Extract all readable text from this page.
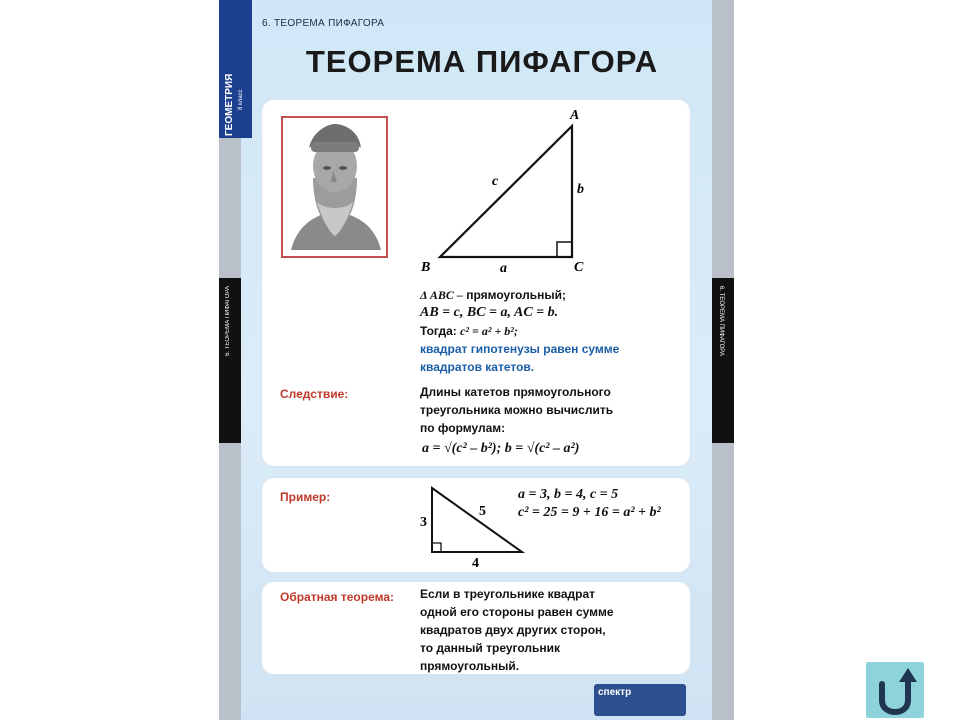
ГЕОМЕТРИЯ 8 класс
6. ТЕОРЕМА ПИФАГОРА	6. ТЕОРЕМА ПИФАГОРА
6. ТЕОРЕМА ПИФАГОРА
ТЕОРЕМА ПИФАГОРА
A
B	C
a
b
c
Δ ABC – прямоугольный;
AB = c, BC = a, AC = b.
Тогда: c² = a² + b²;
квадрат гипотенузы равен сумме
квадратов катетов.
Следствие:	Длины катетов прямоугольного
треугольника можно вычислить
по формулам:
a = √(c² – b²); b = √(c² – a²)
Пример:
3
4
5
a = 3, b = 4, c = 5
c² = 25 = 9 + 16 = a² + b²
Обратная теорема: Если в треугольнике квадрат
одной его стороны равен сумме
квадратов двух других сторон,
то данный треугольник
прямоугольный.
спектр
